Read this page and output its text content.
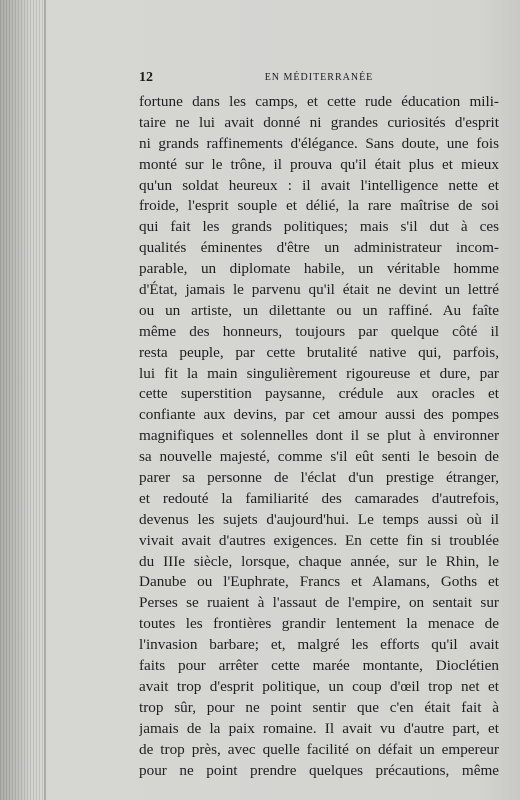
12	EN MÉDITERRANÉE
fortune dans les camps, et cette rude éducation mili-
taire ne lui avait donné ni grandes curiosités d'esprit
ni grands raffinements d'élégance. Sans doute, une fois
monté sur le trône, il prouva qu'il était plus et mieux
qu'un soldat heureux : il avait l'intelligence nette et
froide, l'esprit souple et délié, la rare maîtrise de soi
qui fait les grands politiques; mais s'il dut à ces
qualités éminentes d'être un administrateur incom-
parable, un diplomate habile, un véritable homme
d'État, jamais le parvenu qu'il était ne devint un lettré
ou un artiste, un dilettante ou un raffiné. Au faîte
même des honneurs, toujours par quelque côté il
resta peuple, par cette brutalité native qui, parfois,
lui fit la main singulièrement rigoureuse et dure, par
cette superstition paysanne, crédule aux oracles et
confiante aux devins, par cet amour aussi des pompes
magnifiques et solennelles dont il se plut à environner
sa nouvelle majesté, comme s'il eût senti le besoin de
parer sa personne de l'éclat d'un prestige étranger,
et redouté la familiarité des camarades d'autrefois,
devenus les sujets d'aujourd'hui. Le temps aussi où il
vivait avait d'autres exigences. En cette fin si troublée
du IIIe siècle, lorsque, chaque année, sur le Rhin, le
Danube ou l'Euphrate, Francs et Alamans, Goths et
Perses se ruaient à l'assaut de l'empire, on sentait sur
toutes les frontières grandir lentement la menace de
l'invasion barbare; et, malgré les efforts qu'il avait
faits pour arrêter cette marée montante, Dioclétien
avait trop d'esprit politique, un coup d'œil trop net et
trop sûr, pour ne point sentir que c'en était fait à
jamais de la paix romaine. Il avait vu d'autre part, et
de trop près, avec quelle facilité on défait un empereur
pour ne point prendre quelques précautions, même
